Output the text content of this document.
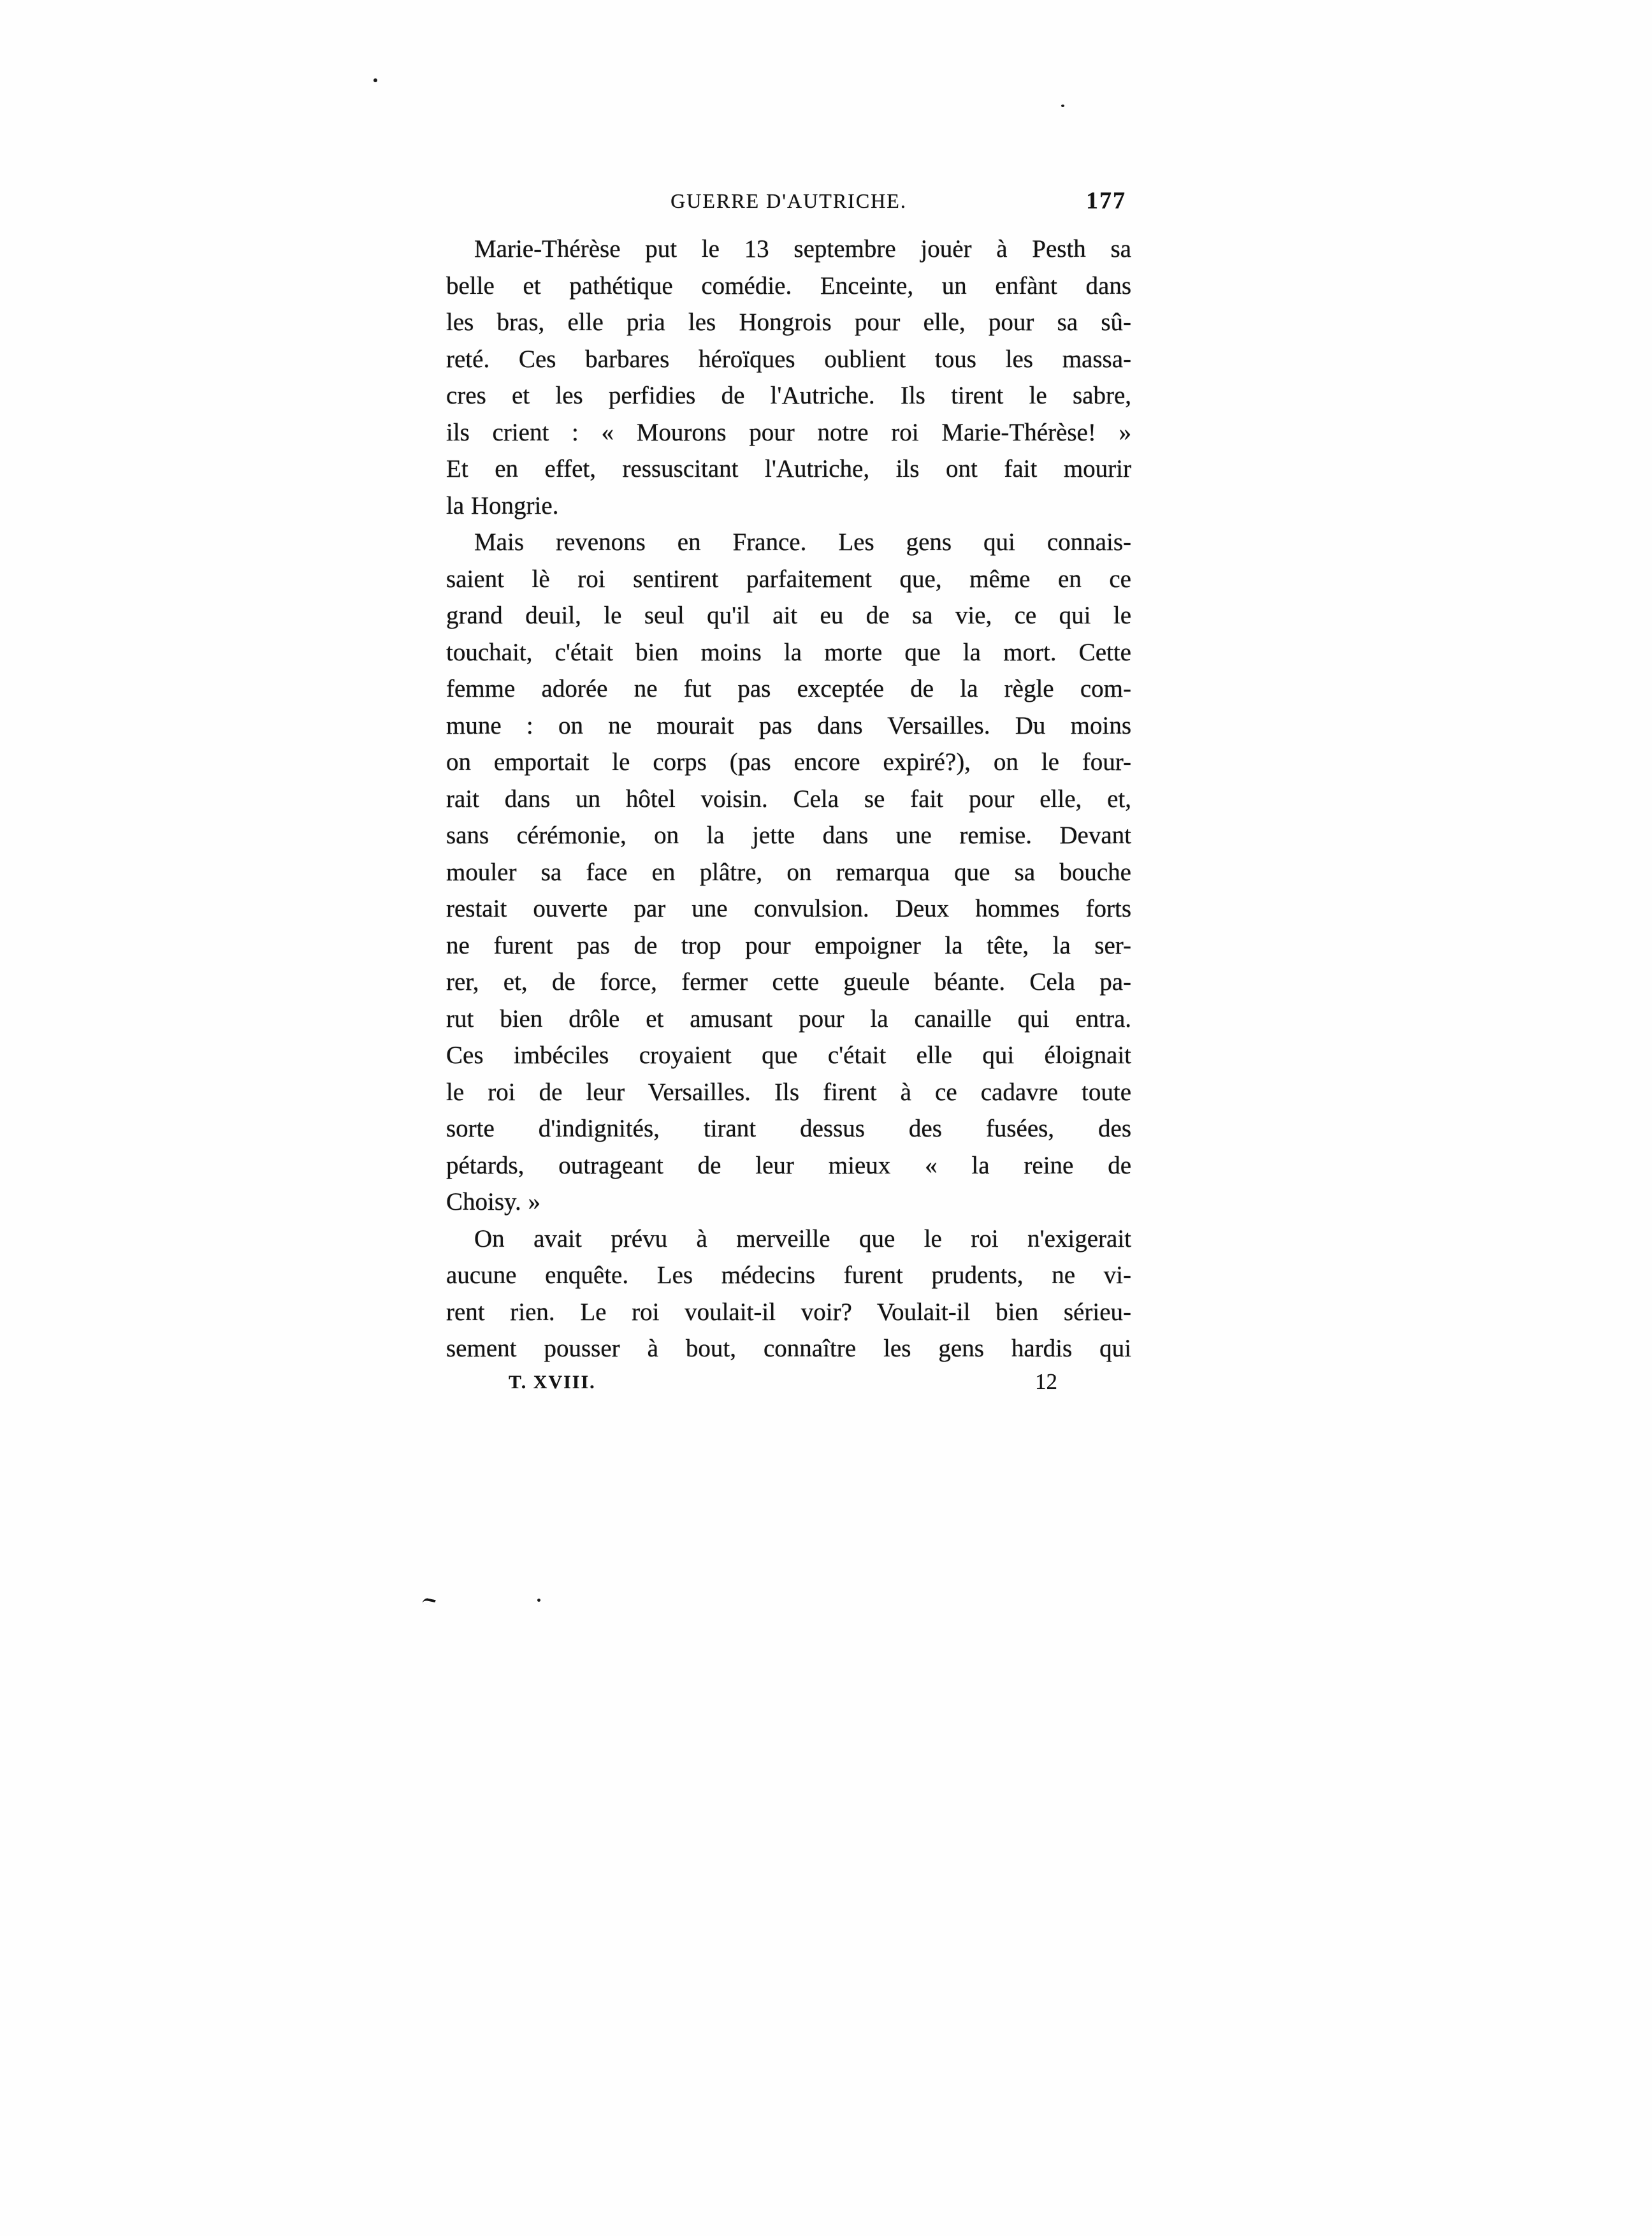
GUERRE D'AUTRICHE.	177
Marie-Thérèse put le 13 septembre jouėr à Pesth sa
belle et pathétique comédie. Enceinte, un enfànt dans
les bras, elle pria les Hongrois pour elle, pour sa sû-
reté. Ces barbares héroïques oublient tous les massa-
cres et les perfidies de l'Autriche. Ils tirent le sabre,
ils crient : « Mourons pour notre roi Marie-Thérèse! »
Et en effet, ressuscitant l'Autriche, ils ont fait mourir
la Hongrie.
Mais revenons en France. Les gens qui connais-
saient lè roi sentirent parfaitement que, même en ce
grand deuil, le seul qu'il ait eu de sa vie, ce qui le
touchait, c'était bien moins la morte que la mort. Cette
femme adorée ne fut pas exceptée de la règle com-
mune : on ne mourait pas dans Versailles. Du moins
on emportait le corps (pas encore expiré?), on le four-
rait dans un hôtel voisin. Cela se fait pour elle, et,
sans cérémonie, on la jette dans une remise. Devant
mouler sa face en plâtre, on remarqua que sa bouche
restait ouverte par une convulsion. Deux hommes forts
ne furent pas de trop pour empoigner la tête, la ser-
rer, et, de force, fermer cette gueule béante. Cela pa-
rut bien drôle et amusant pour la canaille qui entra.
Ces imbéciles croyaient que c'était elle qui éloignait
le roi de leur Versailles. Ils firent à ce cadavre toute
sorte d'indignités, tirant dessus des fusées, des
pétards, outrageant de leur mieux « la reine de
Choisy. »
On avait prévu à merveille que le roi n'exigerait
aucune enquête. Les médecins furent prudents, ne vi-
rent rien. Le roi voulait-il voir? Voulait-il bien sérieu-
sement pousser à bout, connaître les gens hardis qui
T. XVIII.	12
